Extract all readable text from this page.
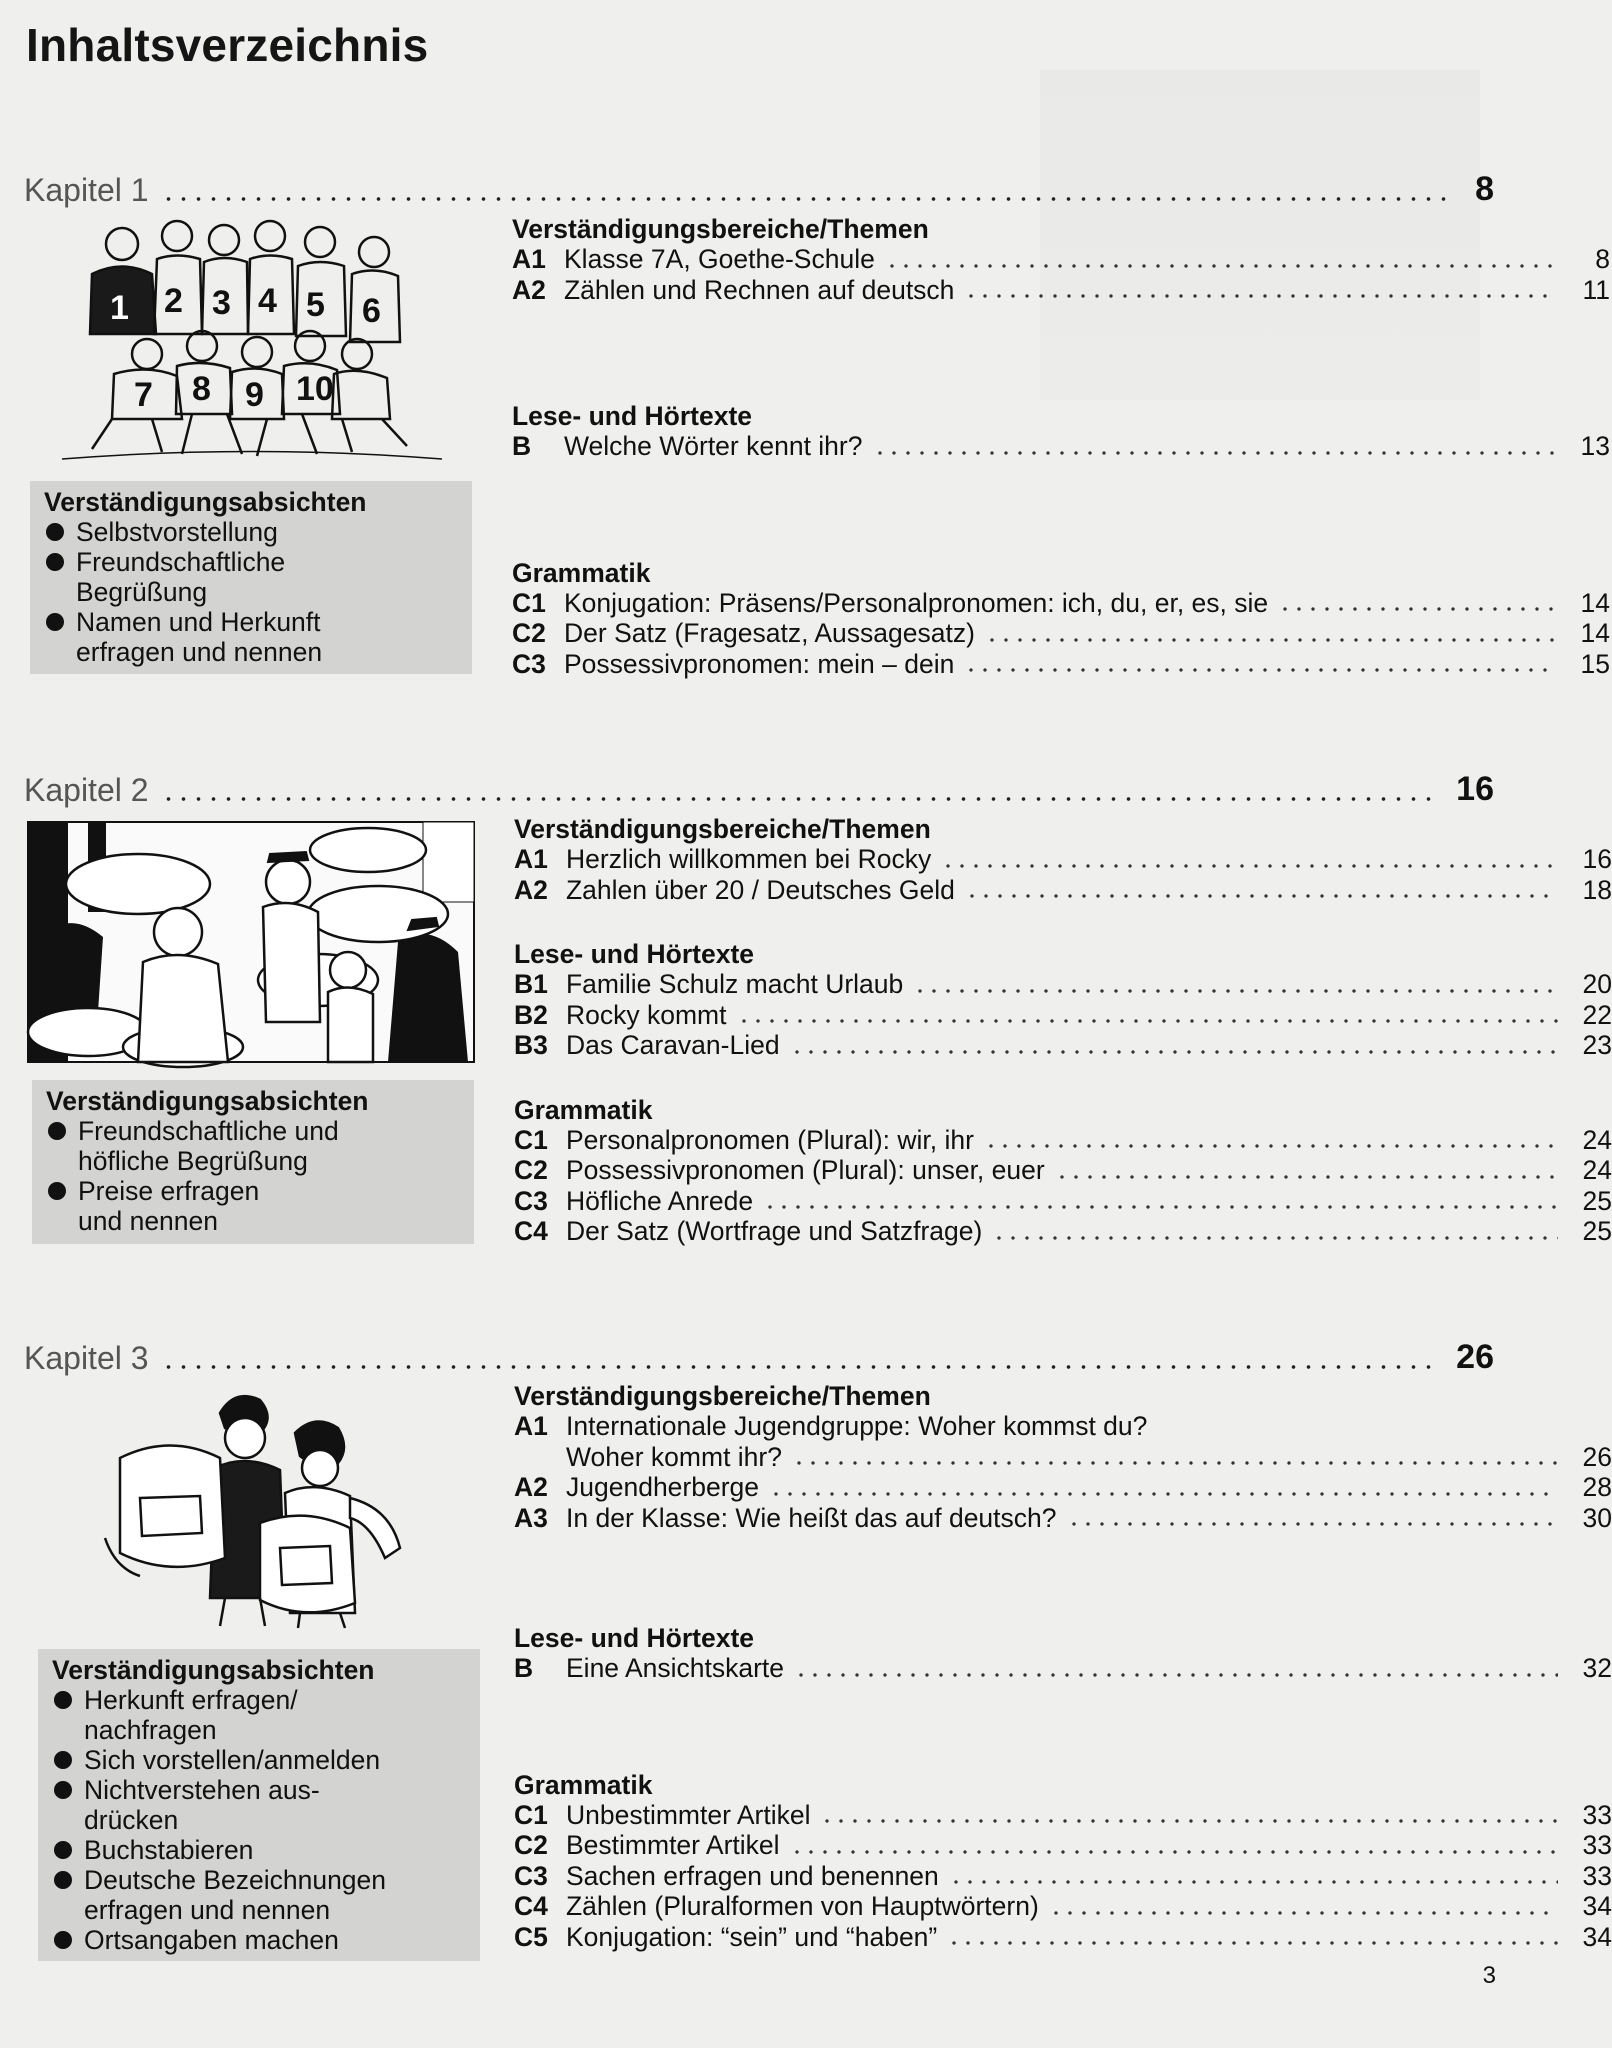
Inhaltsverzeichnis
Kapitel 1	8
1 2 3 4 5 6
7 8 9 10
Verständigungsabsichten
Selbstvorstellung
Freundschaftliche Begrüßung
Namen und Herkunft erfragen und nennen
Verständigungsbereiche/Themen
A1 Klasse 7A, Goethe-Schule	8
A2 Zählen und Rechnen auf deutsch	11
Lese- und Hörtexte
B	Welche Wörter kennt ihr?	13
Grammatik
C1 Konjugation: Präsens/Personalpronomen: ich, du, er, es, sie	14
C2 Der Satz (Fragesatz, Aussagesatz)	14
C3 Possessivpronomen: mein – dein	15
Kapitel 2	16
Verständigungsabsichten
Freundschaftliche und höfliche Begrüßung
Preise erfragen und nennen
Verständigungsbereiche/Themen
A1 Herzlich willkommen bei Rocky	16
A2 Zahlen über 20 / Deutsches Geld	18
Lese- und Hörtexte
B1 Familie Schulz macht Urlaub	20
B2 Rocky kommt	22
B3 Das Caravan-Lied	23
Grammatik
C1 Personalpronomen (Plural): wir, ihr	24
C2 Possessivpronomen (Plural): unser, euer	24
C3 Höfliche Anrede	25
C4 Der Satz (Wortfrage und Satzfrage)	25
Kapitel 3	26
Verständigungsabsichten
Herkunft erfragen/ nachfragen
Sich vorstellen/anmelden
Nichtverstehen aus- drücken
Buchstabieren
Deutsche Bezeichnungen erfragen und nennen
Ortsangaben machen
Verständigungsbereiche/Themen
A1 Internationale Jugendgruppe: Woher kommst du?
Woher kommt ihr?	26
A2 Jugendherberge	28
A3 In der Klasse: Wie heißt das auf deutsch?	30
Lese- und Hörtexte
B	Eine Ansichtskarte	32
Grammatik
C1 Unbestimmter Artikel	33
C2 Bestimmter Artikel	33
C3 Sachen erfragen und benennen	33
C4 Zählen (Pluralformen von Hauptwörtern)	34
C5 Konjugation: “sein” und “haben”	34
3
